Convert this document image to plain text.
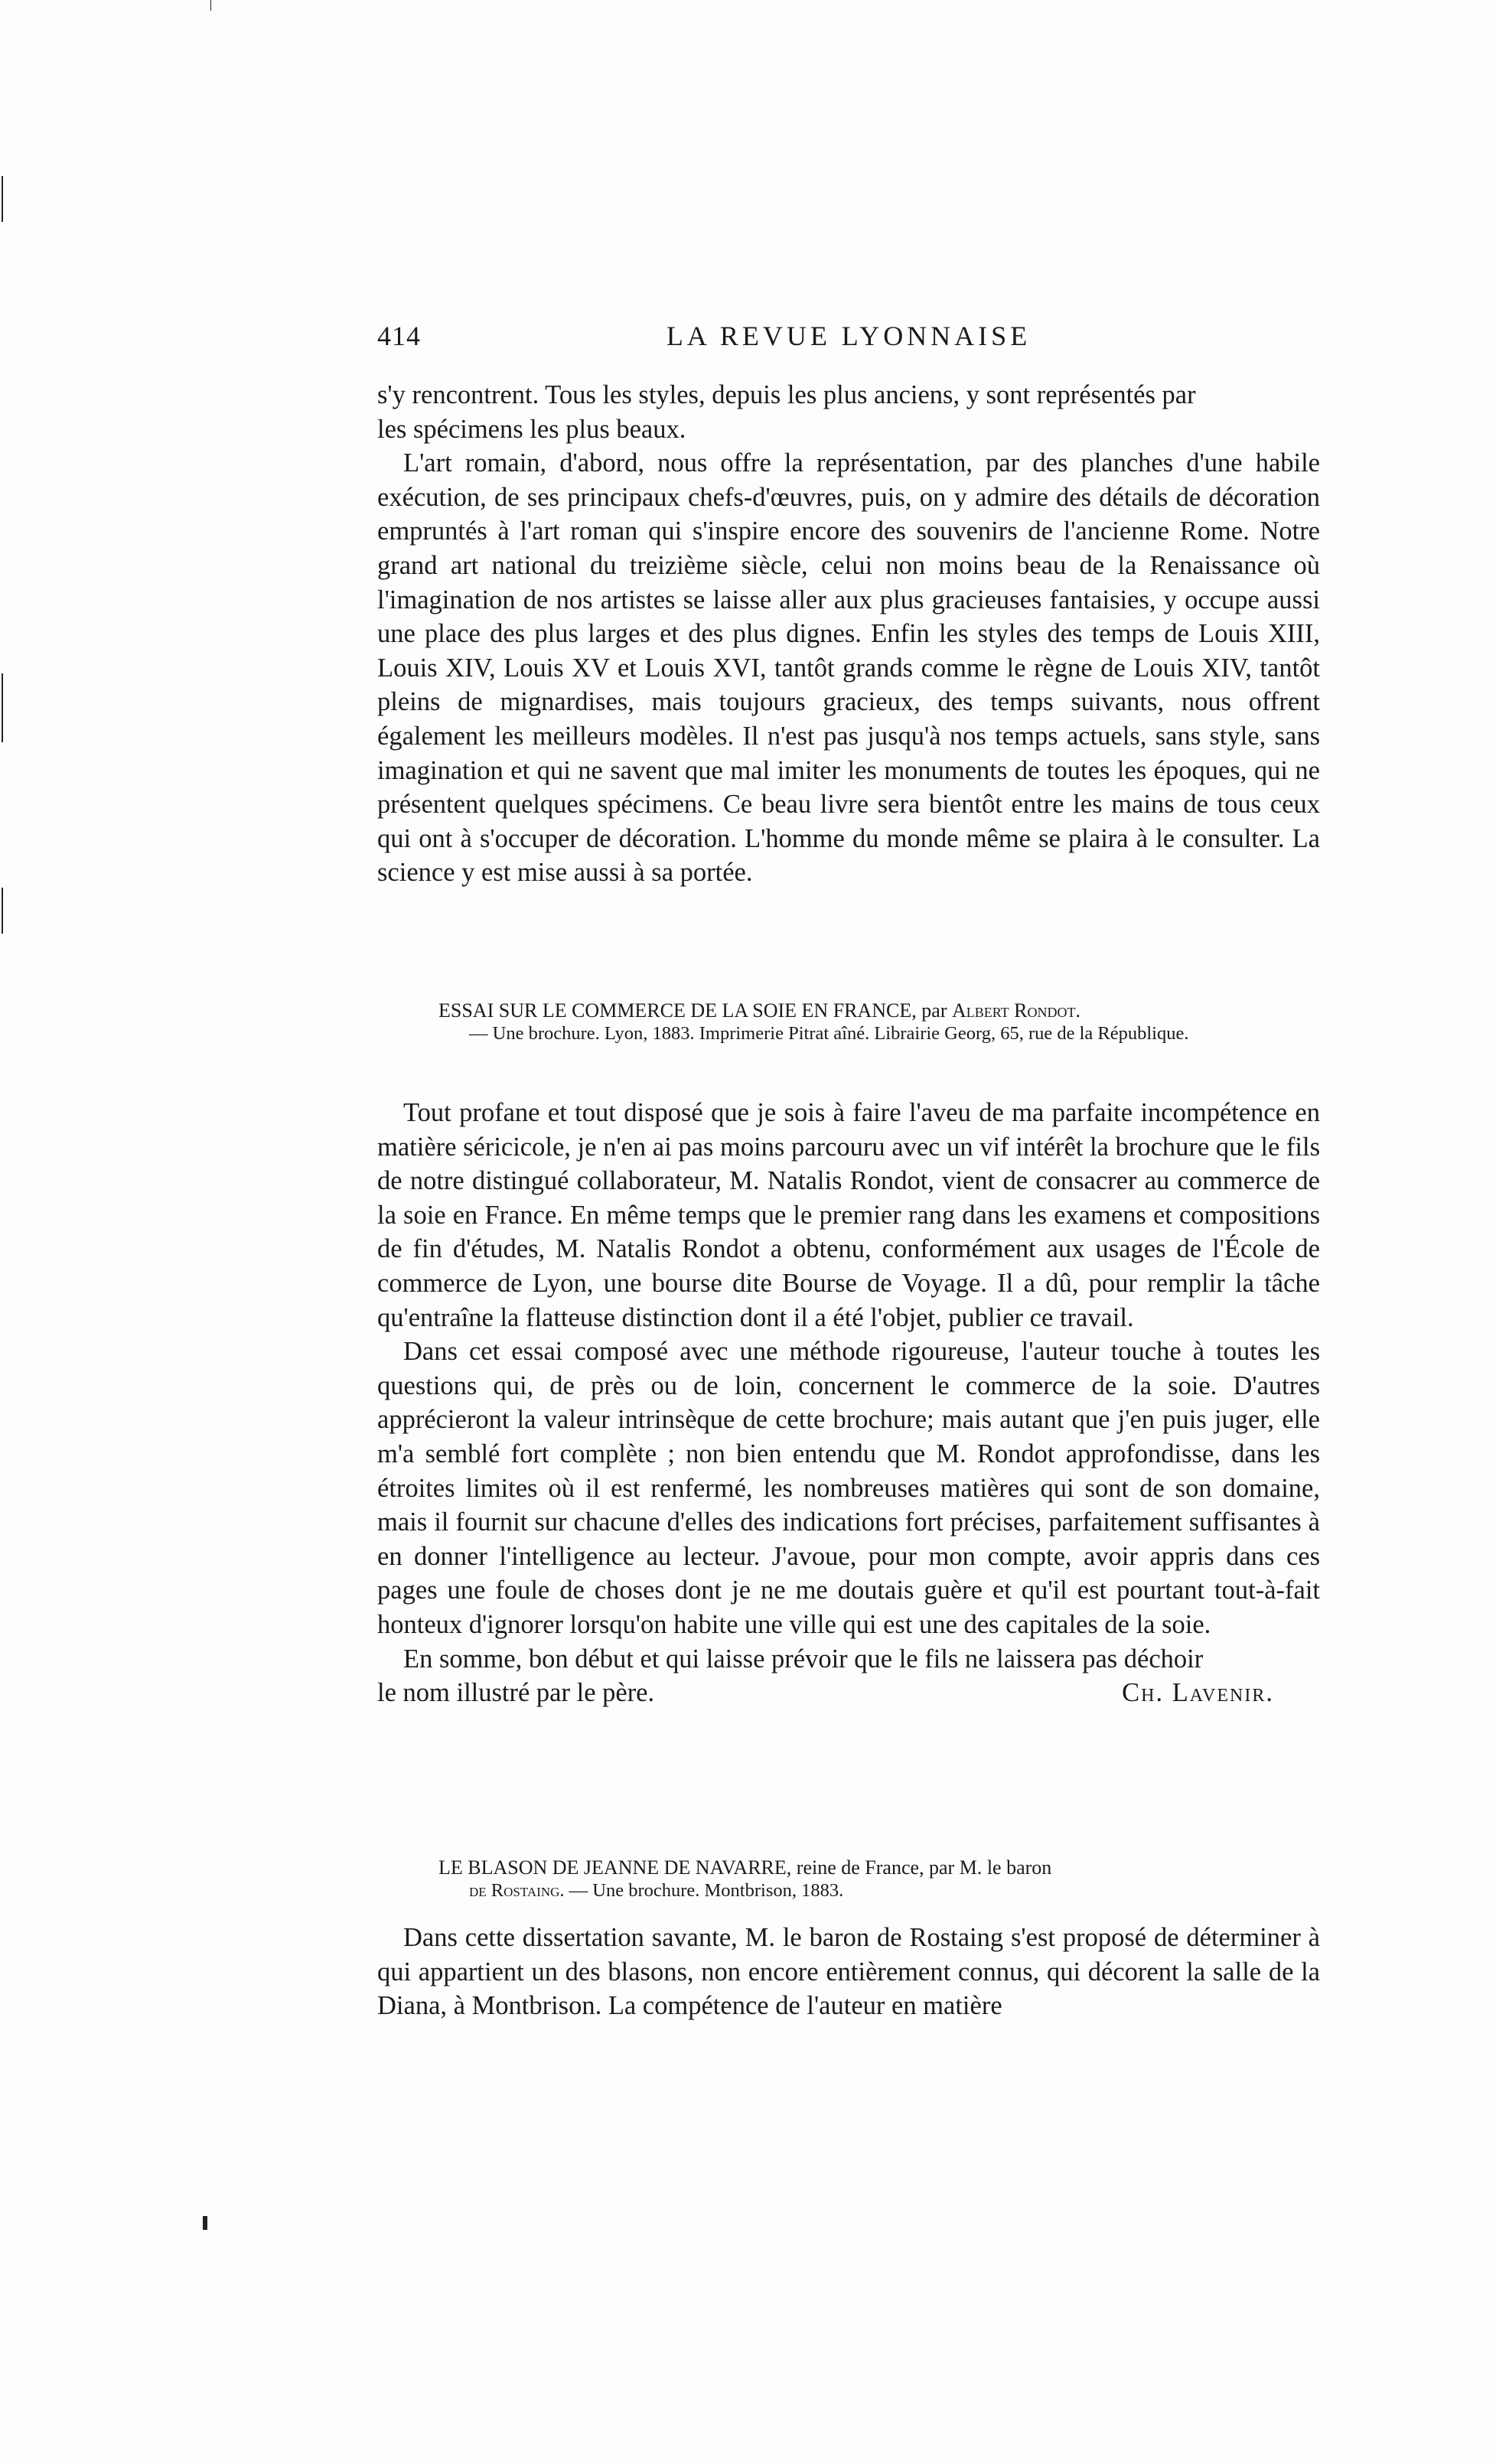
414	LA REVUE LYONNAISE

s'y rencontrent. Tous les styles, depuis les plus anciens, y sont représentés par

les spécimens les plus beaux.

L'art romain, d'abord, nous offre la représentation, par des planches d'une habile exécution, de ses principaux chefs-d'œuvres, puis, on y admire des détails de décoration empruntés à l'art roman qui s'inspire encore des souvenirs de l'ancienne Rome. Notre grand art national du treizième siècle, celui non moins beau de la Renaissance où l'imagination de nos artistes se laisse aller aux plus gracieuses fantaisies, y occupe aussi une place des plus larges et des plus dignes. Enfin les styles des temps de Louis XIII, Louis XIV, Louis XV et Louis XVI, tantôt grands comme le règne de Louis XIV, tantôt pleins de mignardises, mais toujours gracieux, des temps suivants, nous offrent également les meilleurs modèles. Il n'est pas jusqu'à nos temps actuels, sans style, sans imagination et qui ne savent que mal imiter les monuments de toutes les époques, qui ne présentent quelques spécimens. Ce beau livre sera bientôt entre les mains de tous ceux qui ont à s'occuper de décoration. L'homme du monde même se plaira à le consulter. La science y est mise aussi à sa portée.

ESSAI SUR LE COMMERCE DE LA SOIE EN FRANCE, par Albert Rondot.
— Une brochure. Lyon, 1883. Imprimerie Pitrat aîné. Librairie Georg, 65, rue de la République.

Tout profane et tout disposé que je sois à faire l'aveu de ma parfaite incompétence en matière séricicole, je n'en ai pas moins parcouru avec un vif intérêt la brochure que le fils de notre distingué collaborateur, M. Natalis Rondot, vient de consacrer au commerce de la soie en France. En même temps que le premier rang dans les examens et compositions de fin d'études, M. Natalis Rondot a obtenu, conformément aux usages de l'École de commerce de Lyon, une bourse dite Bourse de Voyage. Il a dû, pour remplir la tâche qu'entraîne la flatteuse distinction dont il a été l'objet, publier ce travail.

Dans cet essai composé avec une méthode rigoureuse, l'auteur touche à toutes les questions qui, de près ou de loin, concernent le commerce de la soie. D'autres apprécieront la valeur intrinsèque de cette brochure; mais autant que j'en puis juger, elle m'a semblé fort complète ; non bien entendu que M. Rondot approfondisse, dans les étroites limites où il est renfermé, les nombreuses matières qui sont de son domaine, mais il fournit sur chacune d'elles des indications fort précises, parfaitement suffisantes à en donner l'intelligence au lecteur. J'avoue, pour mon compte, avoir appris dans ces pages une foule de choses dont je ne me doutais guère et qu'il est pourtant tout-à-fait honteux d'ignorer lorsqu'on habite une ville qui est une des capitales de la soie.

En somme, bon début et qui laisse prévoir que le fils ne laissera pas déchoir

le nom illustré par le père.	Ch. Lavenir.

LE BLASON DE JEANNE DE NAVARRE, reine de France, par M. le baron
de Rostaing. — Une brochure. Montbrison, 1883.

Dans cette dissertation savante, M. le baron de Rostaing s'est proposé de déterminer à qui appartient un des blasons, non encore entièrement connus, qui décorent la salle de la Diana, à Montbrison. La compétence de l'auteur en matière
